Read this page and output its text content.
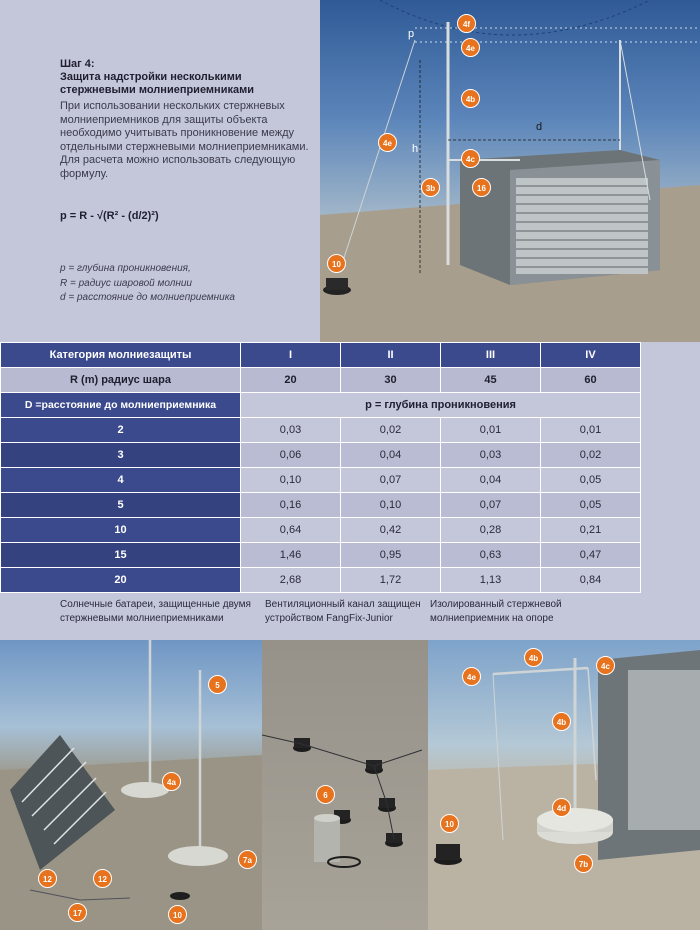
Шаг 4:
Защита надстройки несколькими стержневыми молниеприемниками
При использовании нескольких стержневых молниеприемников для защиты объекта необходимо учитывать проникновение между отдельными стержневыми молниеприемниками. Для расчета можно использовать следующую формулу.
p = R - √(R² - (d/2)²)
p = глубина проникновения,
R = радиус шаровой молнии
d = расстояние до молниеприемника
p
d
h
4f
4e
4b
4e
4c
3b	16
10
Категория молниезащиты	I	II	III	IV
R (m) радиус шара	20	30	45	60
D =расстояние до молниеприемника	p = глубина проникновения			
2	0,03	0,02	0,01	0,01
3	0,06	0,04	0,03	0,02
4	0,10	0,07	0,04	0,05
5	0,16	0,10	0,07	0,05
10	0,64	0,42	0,28	0,21
15	1,46	0,95	0,63	0,47
20	2,68	1,72	1,13	0,84
Солнечные батареи, защищенные двумя
стержневыми молниеприемниками
Вентиляционный канал защищен
устройством FangFix-Junior
Изолированный стержневой
молниеприемник на опоре
5
4a
7a
12	12
17	10
6
4b
4c
4e
4b
4d
10
7b
